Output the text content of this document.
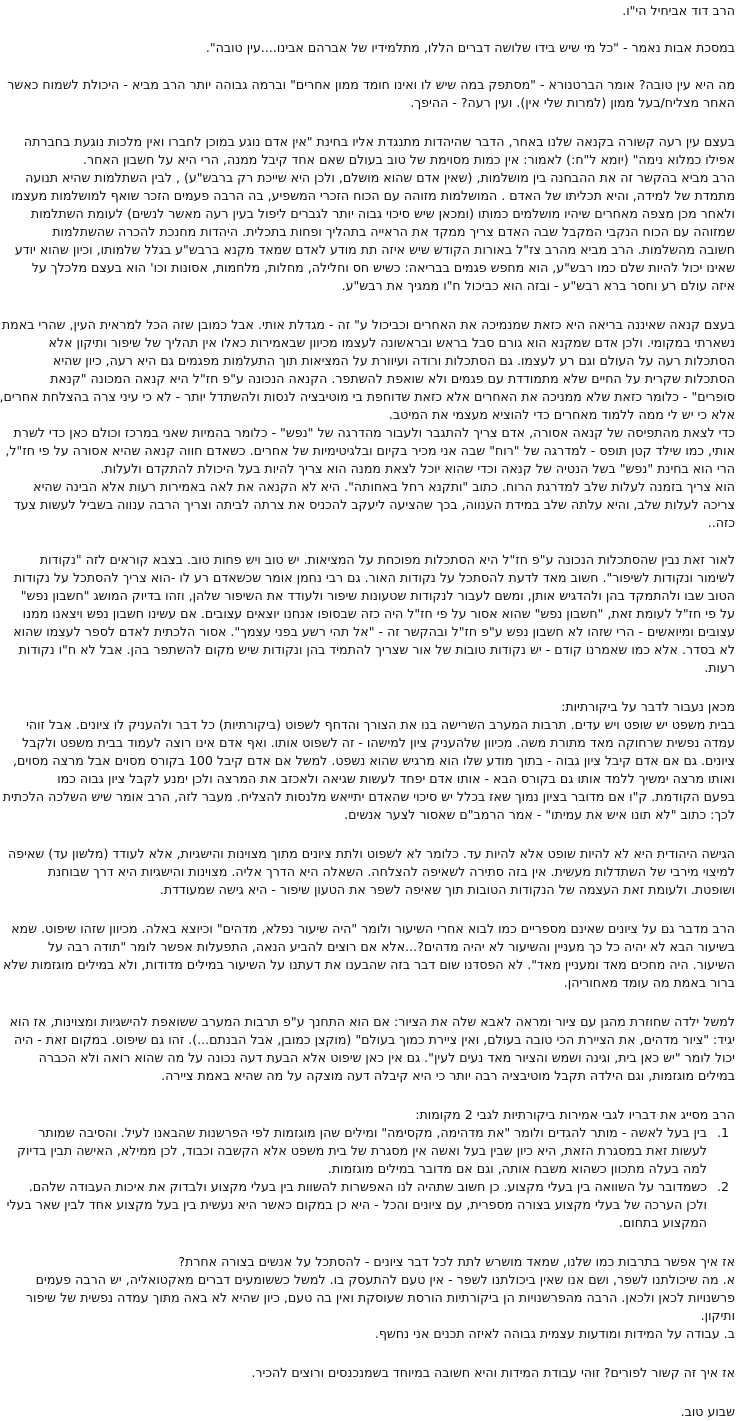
הרב דוד אביחיל הי"ו.

במסכת אבות נאמר - "כל מי שיש בידו שלושה דברים הללו, מתלמידיו של אברהם אבינו....עין טובה".

מה היא עין טובה? אומר הברטנורא - "מסתפק במה שיש לו ואינו חומד ממון אחרים" וברמה גבוהה יותר הרב מביא - היכולת לשמוח כאשר
האחר מצליח/בעל ממון (למרות שלי אין). ועין רעה? - ההיפך.

בעצם עין רעה קשורה בקנאה שלנו באחר, הדבר שהיהדות מתנגדת אליו בחינת "אין אדם נוגע במוכן לחברו ואין מלכות נוגעת בחברתה
אפילו כמלוא נימה" (יומא ל"ח:) לאמור: אין כמות מסוימת של טוב בעולם שאם אחד קיבל ממנה, הרי היא על חשבון האחר.
הרב מביא בהקשר זה את ההבחנה בין מושלמות, (שאין אדם שהוא מושלם, ולכן היא שייכת רק ברבש"ע) , לבין השתלמות שהיא תנועה
מתמדת של למידה, והיא תכליתו של האדם . המושלמות מזוהה עם הכוח הזכרי המשפיע, בה הרבה פעמים הזכר שואף למושלמות מעצמו
ולאחר מכן מצפה מאחרים שיהיו מושלמים כמותו (ומכאן שיש סיכוי גבוה יותר לגברים ליפול בעין רעה מאשר לנשים) לעומת השתלמות
שמזוהה עם הכוח הנקבי המקבל שבה האדם צריך ממקד את הראייה בתהליך ופחות בתכלית. היהדות מחנכת להכרה שהשתלמות
חשובה מהשלמות. הרב מביא מהרב צז"ל באורות הקודש שיש איזה תת מודע לאדם שמאד מקנא ברבש"ע בגלל שלמותו, וכיון שהוא יודע
שאינו יכול להיות שלם כמו רבש"ע, הוא מחפש פגמים בבריאה: כשיש חס וחלילה, מחלות, מלחמות, אסונות וכו' הוא בעצם מלכלך על
איזה עולם רע וחסר ברא רבש"ע - ובזה הוא כביכול ח"ו ממגיך את רבש"ע.

בעצם קנאה שאיננה בריאה היא כזאת שמנמיכה את האחרים וכביכול ע" זה - מגדלת אותי. אבל כמובן שזה הכל למראית העין, שהרי באמת
נשארתי במקומי. ולכן אדם שמקנא הוא גורם סבל בראש ובראשונה לעצמו מכיוון שבאמירות כאלו אין תהליך של שיפור ותיקון אלא
הסתכלות רעה על העולם וגם רע לעצמו. גם הסתכלות ורודה ועיוורת על המציאות תוך התעלמות מפגמים גם היא רעה, כיון שהיא
הסתכלות שקרית על החיים שלא מתמודדת עם פגמים ולא שואפת להשתפר. הקנאה הנכונה ע"פ חז"ל היא קנאה המכונה "קנאת
סופרים" - כלומר כזאת שלא ממניכה את האחרים אלא כזאת שדוחפת בי מוטיבציה לנסות ולהשתדל יותר - לא כי עיני צרה בהצלחת אחרים,
אלא כי יש לי ממה ללמוד מאחרים כדי להוציא מעצמי את המיטב.
כדי לצאת מהתפיסה של קנאה אסורה, אדם צריך להתגבר ולעבור מהדרגה של "נפש" - כלומר בהמיות שאני במרכז וכולם כאן כדי לשרת
אותי, כמו שילד קטן תופס - למדרגה של "רוח" שבה אני מכיר בקיום ובלגיטימיות של אחרים. כשאדם חווה קנאה שהיא אסורה על פי חז"ל,
הרי הוא בחינת "נפש" בשל הנטיה של קנאה וכדי שהוא יוכל לצאת ממנה הוא צריך להיות בעל היכולת להתקדם ולעלות.
הוא צריך בזמנה לעלות שלב למדרגת הרוח. כתוב "ותקנא רחל באחותה". היא לא הקנאה את לאה באמירות רעות אלא הבינה שהיא
צריכה לעלות שלב, והיא עלתה שלב במידת הענווה, בכך שהציעה ליעקב להכניס את צרתה לביתה וצריך הרבה ענווה בשביל לעשות צעד
כזה..

לאור זאת נבין שהסתכלות הנכונה ע"פ חז"ל היא הסתכלות מפוכחת על המציאות. יש טוב ויש פחות טוב. בצבא קוראים לזה "נקודות
לשימור ונקודות לשיפור". חשוב מאד לדעת להסתכל על נקודות האור. גם רבי נחמן אומר שכשאדם רע לו -הוא צריך להסתכל על נקודות
הטוב שבו ולהתמקד בהן ולהדגיש אותן, ומשם לעבור לנקודות שטעונות שיפור ולעודד את השיפור שלהן, וזהו בדיוק המושג "חשבון נפש"
על פי חז"ל לעומת זאת, "חשבון נפש" שהוא אסור על פי חז"ל היה כזה שבסופו אנחנו יוצאים עצובים. אם עשינו חשבון נפש ויצאנו ממנו
עצובים ומיואשים - הרי שזהו לא חשבון נפש ע"פ חז"ל ובהקשר זה - "אל תהי רשע בפני עצמך". אסור הלכתית לאדם לספר לעצמו שהוא
לא בסדר. אלא כמו שאמרנו קודם - יש נקודות טובות של אור שצריך להתמיד בהן ונקודות שיש מקום להשתפר בהן. אבל לא ח"ו נקודות
רעות.

מכאן נעבור לדבר על ביקורתיות:
בבית משפט יש שופט ויש עדים. תרבות המערב השרישה בנו את הצורך והדחף לשפוט (ביקורתיות) כל דבר ולהעניק לו ציונים. אבל זוהי
עמדה נפשית שרחוקה מאד מתורת משה. מכיוון שלהעניק ציון למישהו - זה לשפוט אותו. ואף אדם אינו רוצה לעמוד בבית משפט ולקבל
ציונים. גם אם אדם קיבל ציון גבוה - בתוך מודע שלו הוא מרגיש שהוא נשפט. למשל אם אדם קיבל 100 בקורס מסוים אבל מרצה מסוים,
ואותו מרצה ימשיך ללמד אותו גם בקורס הבא - אותו אדם יפחד לעשות שגיאה ולאכזב את המרצה ולכן ימנע לקבל ציון גבוה כמו
בפעם הקודמת. ק"ו אם מדובר בציון נמוך שאז בכלל יש סיכוי שהאדם יתייאש מלנסות להצליח. מעבר לזה, הרב אומר שיש השלכה הלכתית
לכך: כתוב "לא תונו איש את עמיתו" - אמר הרמב"ם שאסור לצער אנשים.

הגישה היהודית היא לא להיות שופט אלא להיות עד. כלומר לא לשפוט ולתת ציונים מתוך מצוינות והישגיות, אלא לעודד (מלשון עד) שאיפה
למיצוי מירבי של השתדלות מעשית. אין בזה סתירה לשאיפה להצלחה. השאלה היא הדרך אליה. מצוינות והישגיות היא דרך שבוחנת
ושופטת. ולעומת זאת העצמה של הנקודות הטובות תוך שאיפה לשפר את הטעון שיפור - היא גישה שמעודדת.

הרב מדבר גם על ציונים שאינם מספריים כמו לבוא אחרי השיעור ולומר "היה שיעור נפלא, מדהים" וכיוצא באלה. מכיוון שזהו שיפוט. שמא
בשיעור הבא לא יהיה כל כך מעניין והשיעור לא יהיה מדהים?...אלא אם רוצים להביע הנאה, התפעלות אפשר לומר "תודה רבה על
השיעור. היה מחכים מאד ומעניין מאד". לא הפסדנו שום דבר בזה שהבענו את דעתנו על השיעור במילים מדודות, ולא במילים מוגזמות שלא
ברור באמת מה עומד מאחוריהן.

למשל ילדה שחוזרת מהגן עם ציור ומראה לאבא שלה את הציור: אם הוא התחנך ע"פ תרבות המערב ששואפת להישגיות ומצוינות, אז הוא
יגיד: "ציור מדהים, את הציירת הכי טובה בעולם, ואין ציירת כמוך בעולם" (מוקצן כמובן, אבל הבנתם...). זהו גם שיפוט. במקום זאת - היה
יכול לומר "יש כאן בית, וגינה ושמש והציור מאד נעים לעין". גם אין כאן שיפוט אלא הבעת דעה נכונה על מה שהוא רואה ולא הכברה
במילים מוגזמות, וגם הילדה תקבל מוטיבציה רבה יותר כי היא קיבלה דעה מוצקה על מה שהיא באמת ציירה.

הרב מסייג את דבריו לגבי אמירות ביקורתיות לגבי 2 מקומות:

1.
בין בעל לאשה - מותר להגדים ולומר "את מדהימה, מקסימה" ומילים שהן מוגזמות לפי הפרשנות שהבאנו לעיל. והסיבה שמותר
לעשות זאת במסגרת הזאת, היא כיון שבין בעל ואשה אין מסגרת של בית משפט אלא הקשבה וכבוד, לכן ממילא, האישה תבין בדיוק
למה בעלה מתכוון כשהוא משבח אותה, וגם אם מדובר במילים מוגזמות.
2.
כשמדובר על השוואה בין בעלי מקצוע. כן חשוב שתהיה לנו האפשרות להשוות בין בעלי מקצוע ולבדוק את איכות העבודה שלהם.
ולכן הערכה של בעלי מקצוע בצורה מספרית, עם ציונים והכל - היא כן במקום כאשר היא נעשית בין בעל מקצוע אחד לבין שאר בעלי
המקצוע בתחום.

אז איך אפשר בתרבות כמו שלנו, שמאד מושרש לתת לכל דבר ציונים - להסתכל על אנשים בצורה אחרת?
א. מה שיכולתנו לשפר, ושם אנו שאין ביכולתנו לשפר - אין טעם להתעסק בו. למשל כששומעים דברים מאקטואליה, יש הרבה פעמים
פרשנויות לכאן ולכאן. הרבה מהפרשנויות הן ביקורתיות הורסת שעוסקת ואין בה טעם, כיון שהיא לא באה מתוך עמדה נפשית של שיפור
ותיקון.
ב. עבודה על המידות ומודעות עצמית גבוהה לאיזה תכנים אני נחשף.

אז איך זה קשור לפורים? זוהי עבודת המידות והיא חשובה במיוחד בשמנכנסים ורוצים להכיר.

שבוע טוב.
